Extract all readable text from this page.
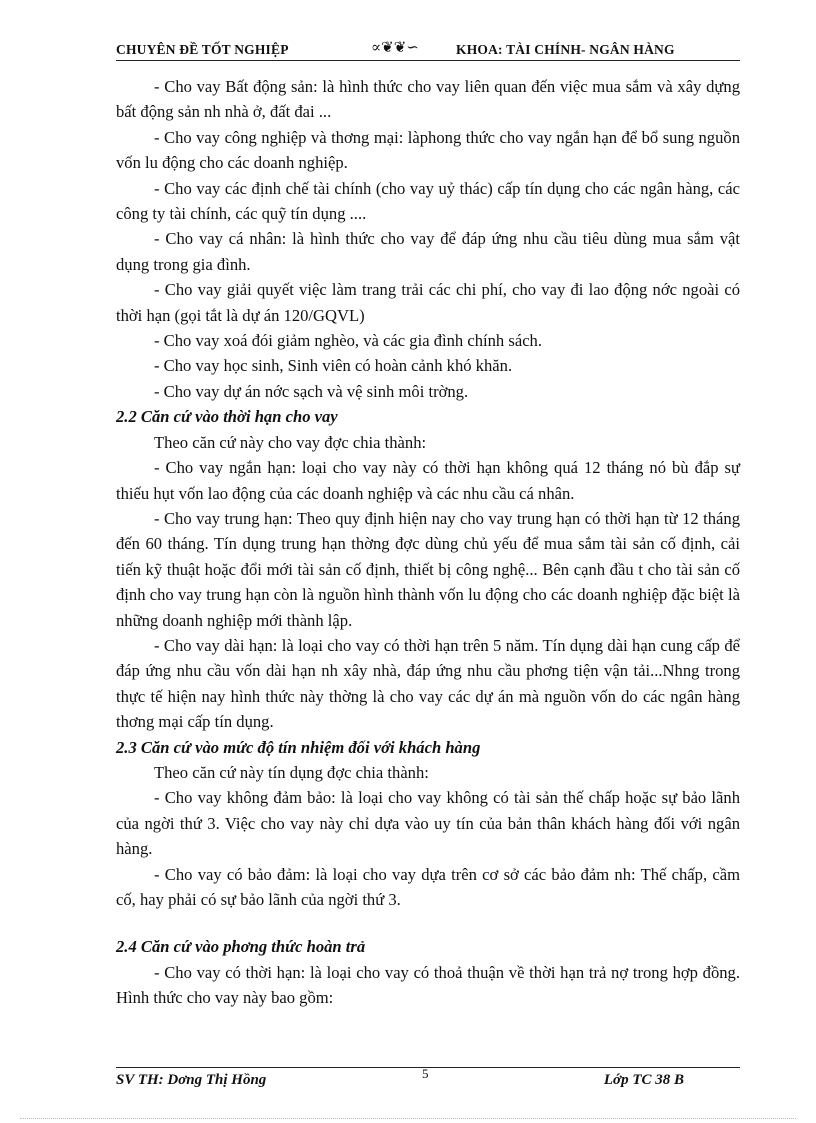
CHUYÊN ĐỀ TỐT NGHIỆP	∝❦❦∽	KHOA: TÀI CHÍNH- NGÂN HÀNG

- Cho vay Bất động sản: là hình thức cho vay liên quan đến việc mua sắm và xây dựng bất động sản nh nhà ở, đất đai ...

- Cho vay công nghiệp và thơng mại: làphong thức cho vay ngắn hạn để bổ sung nguồn vốn lu động cho các doanh nghiệp.

- Cho vay các định chế tài chính (cho vay uỷ thác) cấp tín dụng cho các ngân hàng, các công ty tài chính, các quỹ tín dụng ....

- Cho vay cá nhân: là hình thức cho vay để đáp ứng nhu cầu tiêu dùng mua sắm vật dụng trong gia đình.

- Cho vay giải quyết việc làm trang trải các chi phí, cho vay đi lao động nớc ngoài có thời hạn (gọi tắt là dự án 120/GQVL)

- Cho vay xoá đói giảm nghèo, và các gia đình chính sách.

- Cho vay học sinh, Sinh viên có hoàn cảnh khó khăn.

- Cho vay dự án nớc sạch và vệ sinh môi trờng.

2.2 Căn cứ vào thời hạn cho vay

Theo căn cứ này cho vay đợc chia thành:

- Cho vay ngắn hạn: loại cho vay này có thời hạn không quá 12 tháng nó bù đắp sự thiếu hụt vốn lao động của các doanh nghiệp và các nhu cầu cá nhân.

- Cho vay trung hạn: Theo quy định hiện nay cho vay trung hạn có thời hạn từ 12 tháng đến 60 tháng. Tín dụng trung hạn thờng đợc dùng chủ yếu để mua sắm tài sản cố định, cải tiến kỹ thuật hoặc đổi mới tài sản cố định, thiết bị công nghệ... Bên cạnh đầu t cho tài sản cố định cho vay trung hạn còn là nguồn hình thành vốn lu động cho các doanh nghiệp đặc biệt là những doanh nghiệp mới thành lập.

- Cho vay dài hạn: là loại cho vay có thời hạn trên 5 năm. Tín dụng dài hạn cung cấp để đáp ứng nhu cầu vốn dài hạn nh xây nhà, đáp ứng nhu cầu phơng tiện vận tải...Nhng trong thực tế hiện nay hình thức này thờng là cho vay các dự án mà nguồn vốn do các ngân hàng thơng mại cấp tín dụng.

2.3 Căn cứ vào mức độ tín nhiệm đối với khách hàng

Theo căn cứ này tín dụng đợc chia thành:

- Cho vay không đảm bảo: là loại cho vay không có tài sản thế chấp hoặc sự bảo lãnh của ngời thứ 3. Việc cho vay này chỉ dựa vào uy tín của bản thân khách hàng đối với ngân hàng.

- Cho vay có bảo đảm: là loại cho vay dựa trên cơ sở các bảo đảm nh: Thế chấp, cầm cố, hay phải có sự bảo lãnh của ngời thứ 3.

2.4 Căn cứ vào phơng thức hoàn trả

- Cho vay có thời hạn: là loại cho vay có thoả thuận về thời hạn trả nợ trong hợp đồng. Hình thức cho vay này bao gồm:

SV TH: Dơng Thị Hồng	5	Lớp TC 38 B
